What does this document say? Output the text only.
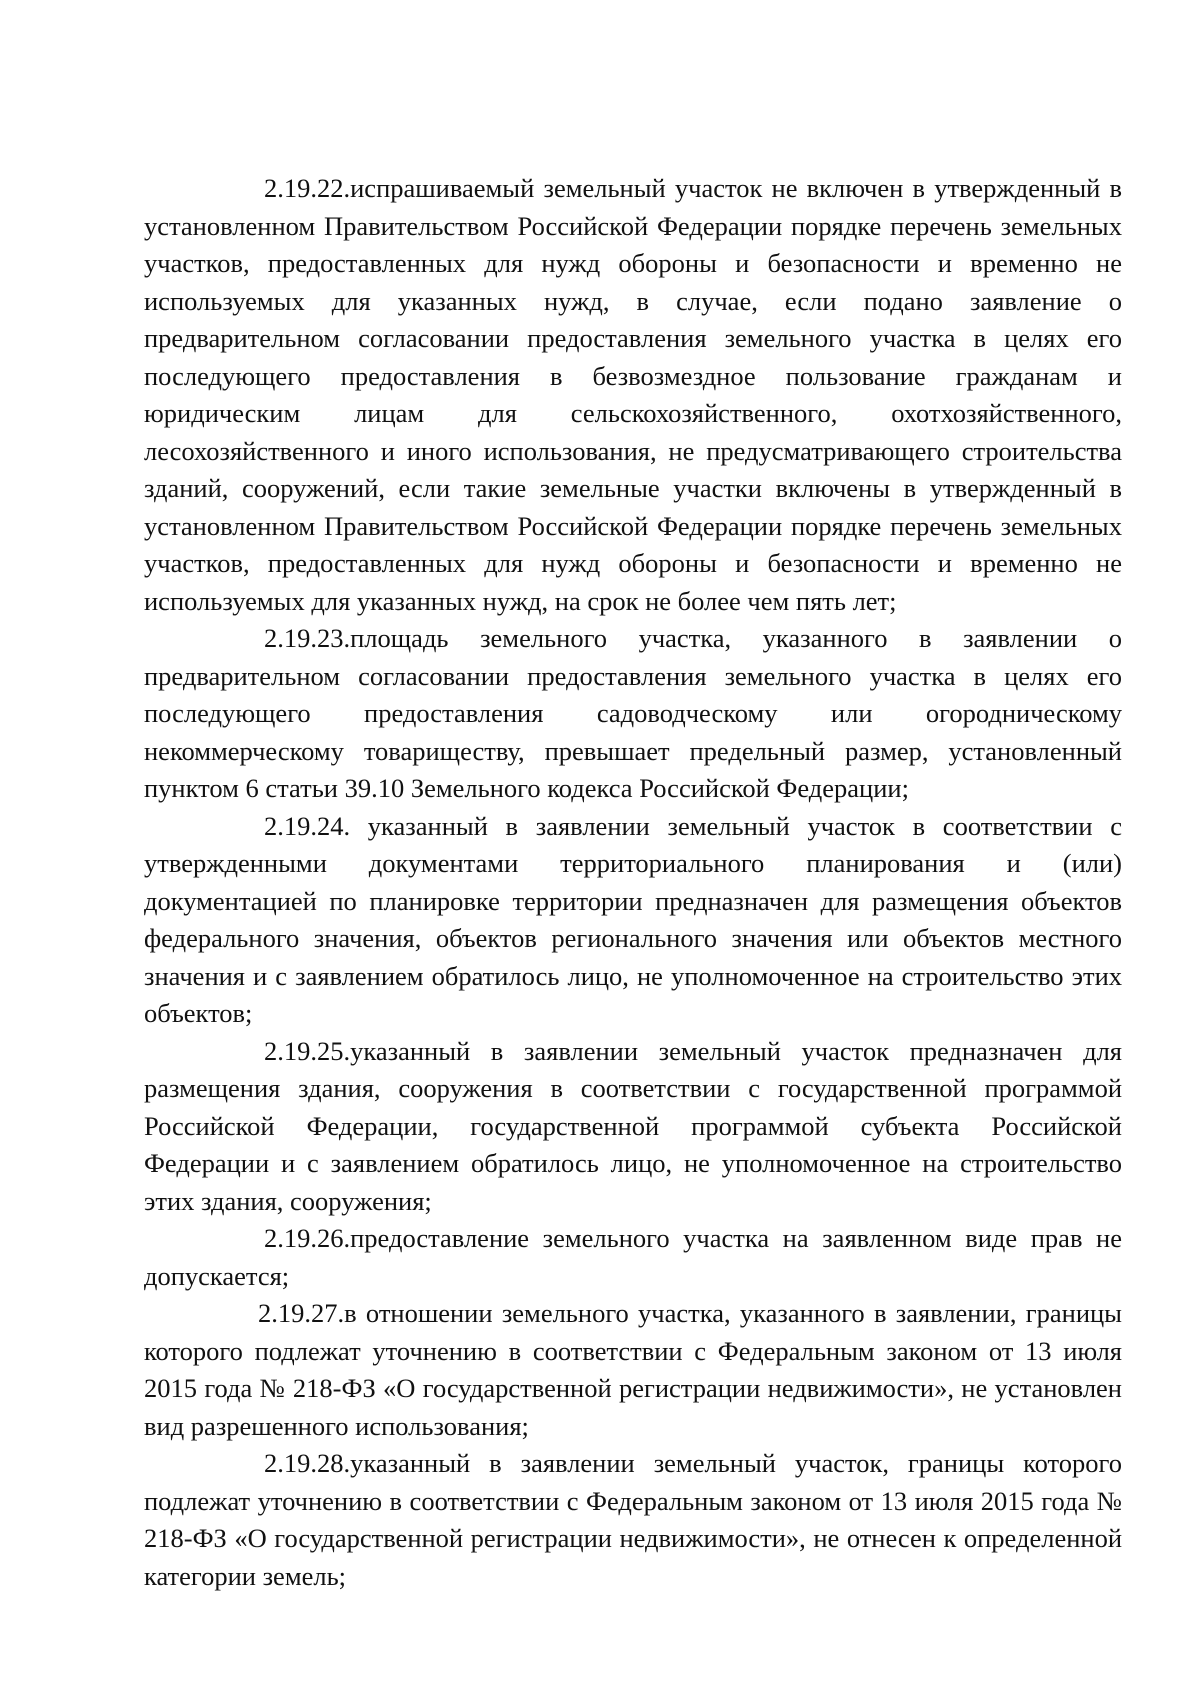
2.19.22.испрашиваемый земельный участок не включен в утвержденный в установленном Правительством Российской Федерации порядке перечень земельных участков, предоставленных для нужд обороны и безопасности и временно не используемых для указанных нужд, в случае, если подано заявление о предварительном согласовании предоставления земельного участка в целях его последующего предоставления в безвозмездное пользование гражданам и юридическим лицам для сельскохозяйственного, охотхозяйственного, лесохозяйственного и иного использования, не предусматривающего строительства зданий, сооружений, если такие земельные участки включены в утвержденный в установленном Правительством Российской Федерации порядке перечень земельных участков, предоставленных для нужд обороны и безопасности и временно не используемых для указанных нужд, на срок не более чем пять лет;

2.19.23.площадь земельного участка, указанного в заявлении о предварительном согласовании предоставления земельного участка в целях его последующего предоставления садоводческому или огородническому некоммерческому товариществу, превышает предельный размер, установленный пунктом 6 статьи 39.10 Земельного кодекса Российской Федерации;

2.19.24. указанный в заявлении земельный участок в соответствии с утвержденными документами территориального планирования и (или) документацией по планировке территории предназначен для размещения объектов федерального значения, объектов регионального значения или объектов местного значения и с заявлением обратилось лицо, не уполномоченное на строительство этих объектов;

2.19.25.указанный в заявлении земельный участок предназначен для размещения здания, сооружения в соответствии с государственной программой Российской Федерации, государственной программой субъекта Российской Федерации и с заявлением обратилось лицо, не уполномоченное на строительство этих здания, сооружения;

2.19.26.предоставление земельного участка на заявленном виде прав не допускается;

2.19.27.в отношении земельного участка, указанного в заявлении, границы которого подлежат уточнению в соответствии с Федеральным законом от 13 июля 2015 года № 218-ФЗ «О государственной регистрации недвижимости», не установлен вид разрешенного использования;

2.19.28.указанный в заявлении земельный участок, границы которого подлежат уточнению в соответствии с Федеральным законом от 13 июля 2015 года № 218-ФЗ «О государственной регистрации недвижимости», не отнесен к определенной категории земель;
